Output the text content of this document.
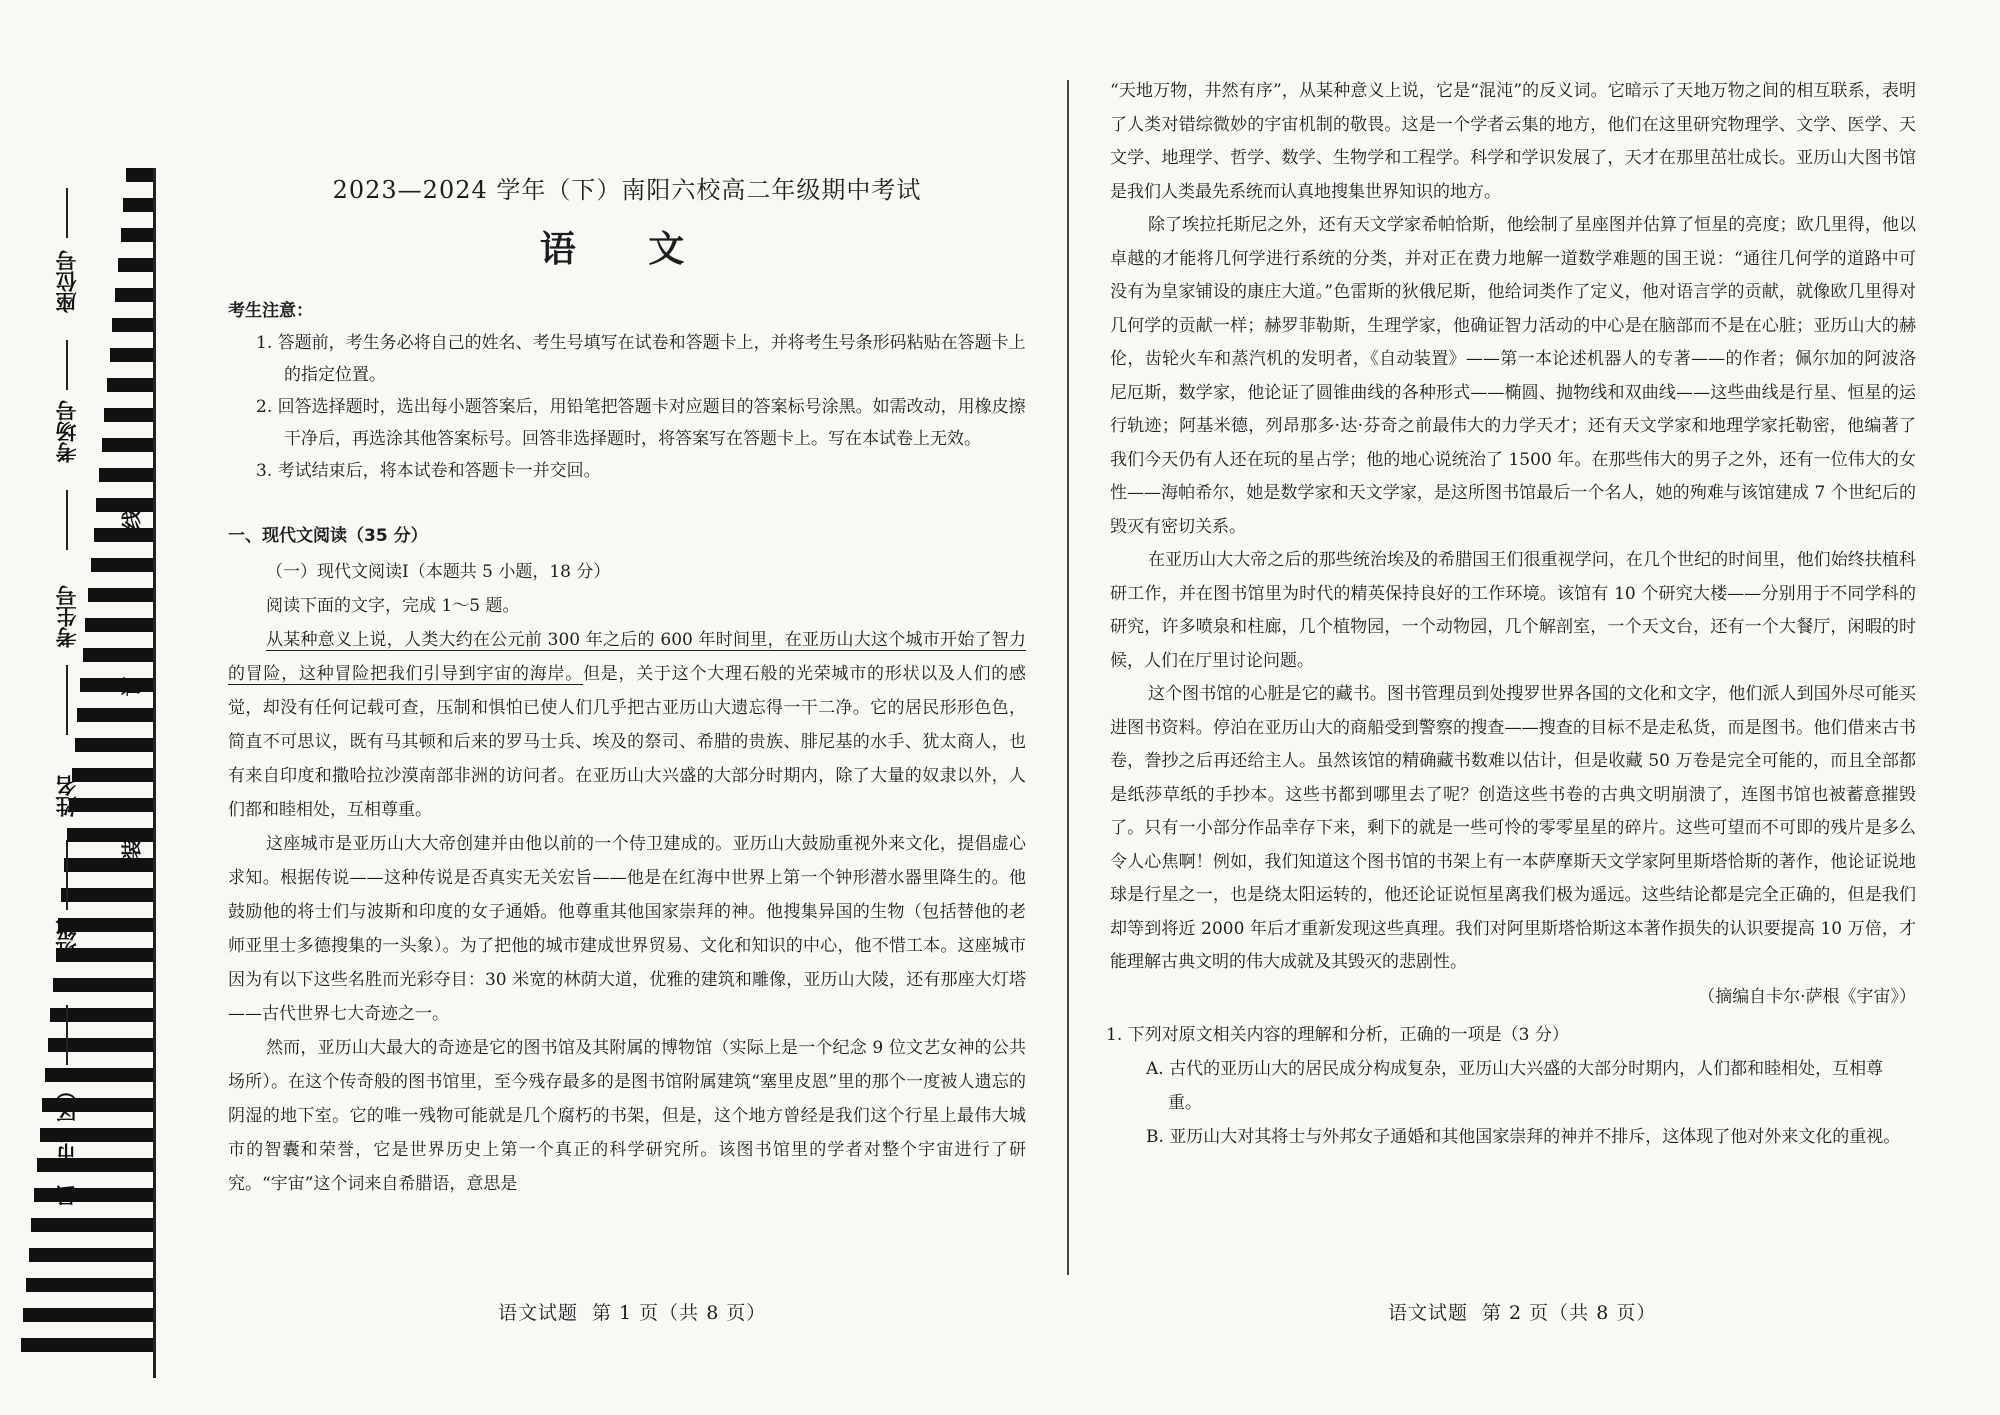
座位号
考场号
考生号
姓名
班级
县（市、区）
线
订
装
2023—2024 学年（下）南阳六校高二年级期中考试
语 文
考生注意：

1. 答题前，考生务必将自己的姓名、考生号填写在试卷和答题卡上，并将考生号条形码粘贴在答题卡上的指定位置。

2. 回答选择题时，选出每小题答案后，用铅笔把答题卡对应题目的答案标号涂黑。如需改动，用橡皮擦干净后，再选涂其他答案标号。回答非选择题时，将答案写在答题卡上。写在本试卷上无效。

3. 考试结束后，将本试卷和答题卡一并交回。

一、现代文阅读（35 分）

（一）现代文阅读Ⅰ（本题共 5 小题，18 分）

阅读下面的文字，完成 1～5 题。

从某种意义上说，人类大约在公元前 300 年之后的 600 年时间里，在亚历山大这个城市开始了智力的冒险，这种冒险把我们引导到宇宙的海岸。但是，关于这个大理石般的光荣城市的形状以及人们的感觉，却没有任何记载可查，压制和惧怕已使人们几乎把古亚历山大遗忘得一干二净。它的居民形形色色，简直不可思议，既有马其顿和后来的罗马士兵、埃及的祭司、希腊的贵族、腓尼基的水手、犹太商人，也有来自印度和撒哈拉沙漠南部非洲的访问者。在亚历山大兴盛的大部分时期内，除了大量的奴隶以外，人们都和睦相处，互相尊重。

这座城市是亚历山大大帝创建并由他以前的一个侍卫建成的。亚历山大鼓励重视外来文化，提倡虚心求知。根据传说——这种传说是否真实无关宏旨——他是在红海中世界上第一个钟形潜水器里降生的。他鼓励他的将士们与波斯和印度的女子通婚。他尊重其他国家崇拜的神。他搜集异国的生物（包括替他的老师亚里士多德搜集的一头象）。为了把他的城市建成世界贸易、文化和知识的中心，他不惜工本。这座城市因为有以下这些名胜而光彩夺目：30 米宽的林荫大道，优雅的建筑和雕像，亚历山大陵，还有那座大灯塔——古代世界七大奇迹之一。

然而，亚历山大最大的奇迹是它的图书馆及其附属的博物馆（实际上是一个纪念 9 位文艺女神的公共场所）。在这个传奇般的图书馆里，至今残存最多的是图书馆附属建筑“塞里皮恩”里的那个一度被人遗忘的阴湿的地下室。它的唯一残物可能就是几个腐朽的书架，但是，这个地方曾经是我们这个行星上最伟大城市的智囊和荣誉，它是世界历史上第一个真正的科学研究所。该图书馆里的学者对整个宇宙进行了研究。“宇宙”这个词来自希腊语，意思是

语文试题 第 1 页（共 8 页）

“天地万物，井然有序”，从某种意义上说，它是“混沌”的反义词。它暗示了天地万物之间的相互联系，表明了人类对错综微妙的宇宙机制的敬畏。这是一个学者云集的地方，他们在这里研究物理学、文学、医学、天文学、地理学、哲学、数学、生物学和工程学。科学和学识发展了，天才在那里茁壮成长。亚历山大图书馆是我们人类最先系统而认真地搜集世界知识的地方。

除了埃拉托斯尼之外，还有天文学家希帕恰斯，他绘制了星座图并估算了恒星的亮度；欧几里得，他以卓越的才能将几何学进行系统的分类，并对正在费力地解一道数学难题的国王说：“通往几何学的道路中可没有为皇家铺设的康庄大道。”色雷斯的狄俄尼斯，他给词类作了定义，他对语言学的贡献，就像欧几里得对几何学的贡献一样；赫罗菲勒斯，生理学家，他确证智力活动的中心是在脑部而不是在心脏；亚历山大的赫伦，齿轮火车和蒸汽机的发明者，《自动装置》——第一本论述机器人的专著——的作者；佩尔加的阿波洛尼厄斯，数学家，他论证了圆锥曲线的各种形式——椭圆、抛物线和双曲线——这些曲线是行星、恒星的运行轨迹；阿基米德，列昂那多·达·芬奇之前最伟大的力学天才；还有天文学家和地理学家托勒密，他编著了我们今天仍有人还在玩的星占学；他的地心说统治了 1500 年。在那些伟大的男子之外，还有一位伟大的女性——海帕希尔，她是数学家和天文学家，是这所图书馆最后一个名人，她的殉难与该馆建成 7 个世纪后的毁灭有密切关系。

在亚历山大大帝之后的那些统治埃及的希腊国王们很重视学问，在几个世纪的时间里，他们始终扶植科研工作，并在图书馆里为时代的精英保持良好的工作环境。该馆有 10 个研究大楼——分别用于不同学科的研究，许多喷泉和柱廊，几个植物园，一个动物园，几个解剖室，一个天文台，还有一个大餐厅，闲暇的时候，人们在厅里讨论问题。

这个图书馆的心脏是它的藏书。图书管理员到处搜罗世界各国的文化和文字，他们派人到国外尽可能买进图书资料。停泊在亚历山大的商船受到警察的搜查——搜查的目标不是走私货，而是图书。他们借来古书卷，誊抄之后再还给主人。虽然该馆的精确藏书数难以估计，但是收藏 50 万卷是完全可能的，而且全部都是纸莎草纸的手抄本。这些书都到哪里去了呢？创造这些书卷的古典文明崩溃了，连图书馆也被蓄意摧毁了。只有一小部分作品幸存下来，剩下的就是一些可怜的零零星星的碎片。这些可望而不可即的残片是多么令人心焦啊！例如，我们知道这个图书馆的书架上有一本萨摩斯天文学家阿里斯塔恰斯的著作，他论证说地球是行星之一，也是绕太阳运转的，他还论证说恒星离我们极为遥远。这些结论都是完全正确的，但是我们却等到将近 2000 年后才重新发现这些真理。我们对阿里斯塔恰斯这本著作损失的认识要提高 10 万倍，才能理解古典文明的伟大成就及其毁灭的悲剧性。

（摘编自卡尔·萨根《宇宙》）

1. 下列对原文相关内容的理解和分析，正确的一项是（3 分）

A. 古代的亚历山大的居民成分构成复杂，亚历山大兴盛的大部分时期内，人们都和睦相处，互相尊重。

B. 亚历山大对其将士与外邦女子通婚和其他国家崇拜的神并不排斥，这体现了他对外来文化的重视。

语文试题 第 2 页（共 8 页）
